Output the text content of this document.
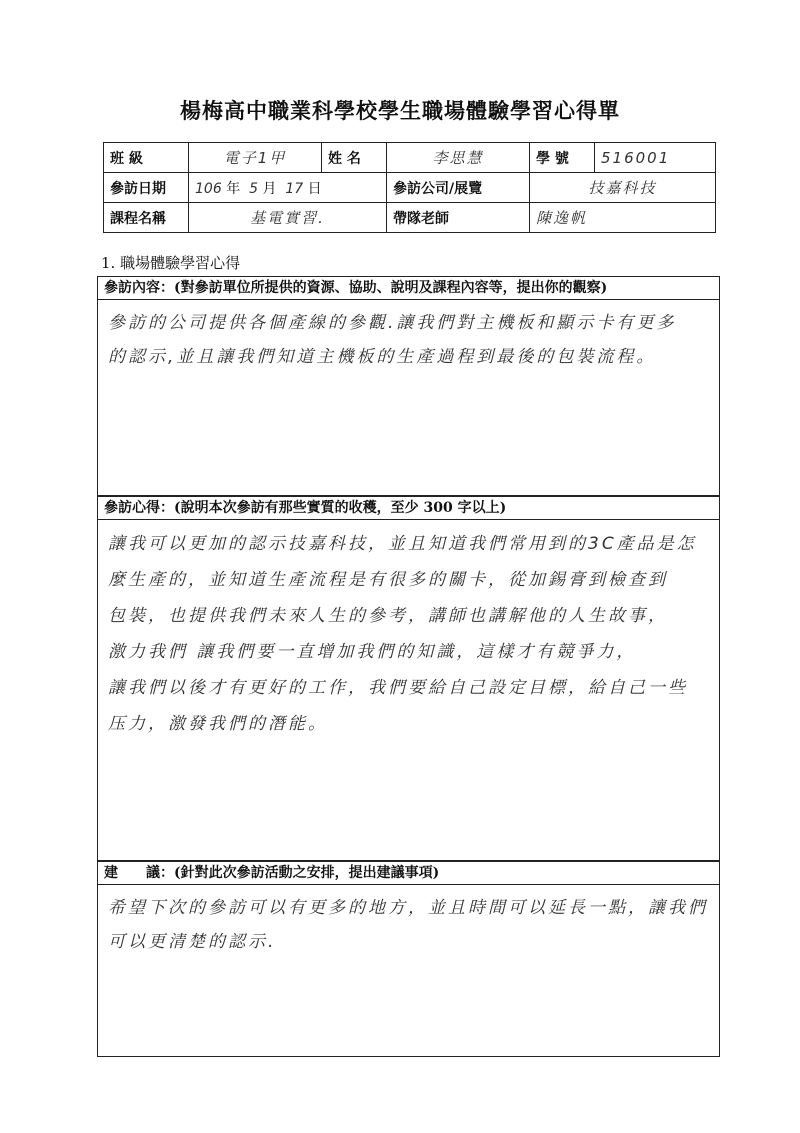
楊梅高中職業科學校學生職場體驗學習心得單
班 級	電子1甲	姓 名	李思慧	學 號	516001
參訪日期	106 年 5 月 17 日		參訪公司/展覽	技嘉科技	
課程名稱	基電實習.		帶隊老師	陳逸帆	
1. 職場體驗學習心得
參訪內容：(對參訪單位所提供的資源、協助、說明及課程內容等，提出你的觀察)
參訪的公司提供各個產線的參觀.讓我們對主機板和顯示卡有更多
的認示,並且讓我們知道主機板的生產過程到最後的包裝流程。
參訪心得：(說明本次參訪有那些實質的收穫，至少 300 字以上)
讓我可以更加的認示技嘉科技，並且知道我們常用到的3C產品是怎
麼生產的，並知道生產流程是有很多的關卡，從加錫膏到檢查到
包裝，也提供我們未來人生的參考，講師也講解他的人生故事，
激力我們 讓我們要一直增加我們的知識，這樣才有競爭力，
讓我們以後才有更好的工作，我們要給自己設定目標，給自己一些
压力，激發我們的潛能。
建　　議：(針對此次參訪活動之安排，提出建議事項)
希望下次的參訪可以有更多的地方，並且時間可以延長一點，讓我們
可以更清楚的認示.
